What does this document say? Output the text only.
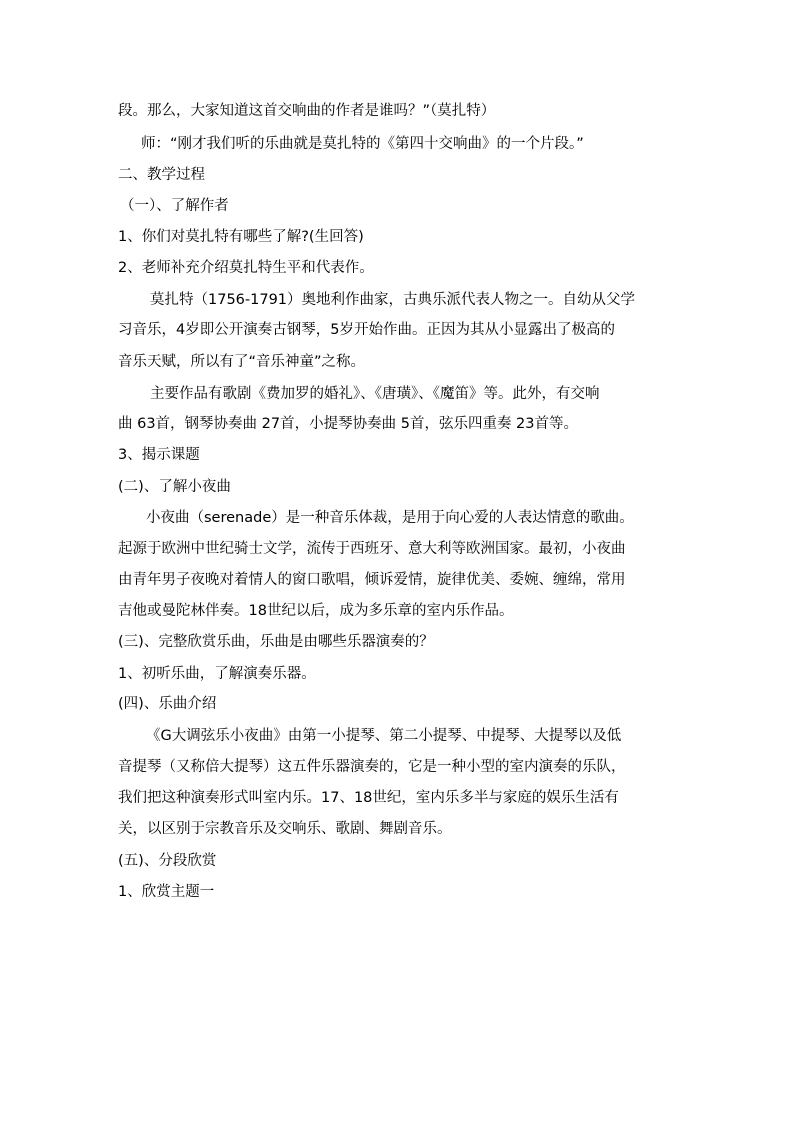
段。那么，大家知道这首交响曲的作者是谁吗？”（莫扎特）
师：“刚才我们听的乐曲就是莫扎特的《第四十交响曲》的一个片段。”
二、教学过程
（一）、了解作者
1、你们对莫扎特有哪些了解?(生回答)
2、老师补充介绍莫扎特生平和代表作。
莫扎特（1756-1791）奥地利作曲家，古典乐派代表人物之一。自幼从父学
习音乐，4岁即公开演奏古钢琴，5岁开始作曲。正因为其从小显露出了极高的
音乐天赋，所以有了“音乐神童”之称。
主要作品有歌剧《费加罗的婚礼》、《唐璜》、《魔笛》等。此外，有交响
曲 63首，钢琴协奏曲 27首，小提琴协奏曲 5首，弦乐四重奏 23首等。
3、揭示课题
(二)、了解小夜曲
小夜曲（serenade）是一种音乐体裁，是用于向心爱的人表达情意的歌曲。
起源于欧洲中世纪骑士文学，流传于西班牙、意大利等欧洲国家。最初，小夜曲
由青年男子夜晚对着情人的窗口歌唱，倾诉爱情，旋律优美、委婉、缠绵，常用
吉他或曼陀林伴奏。18世纪以后，成为多乐章的室内乐作品。
(三)、完整欣赏乐曲，乐曲是由哪些乐器演奏的？
1、初听乐曲，了解演奏乐器。
(四)、乐曲介绍
《G大调弦乐小夜曲》由第一小提琴、第二小提琴、中提琴、大提琴以及低
音提琴（又称倍大提琴）这五件乐器演奏的，它是一种小型的室内演奏的乐队，
我们把这种演奏形式叫室内乐。17、18世纪，室内乐多半与家庭的娱乐生活有
关，以区别于宗教音乐及交响乐、歌剧、舞剧音乐。
(五)、分段欣赏
1、欣赏主题一
